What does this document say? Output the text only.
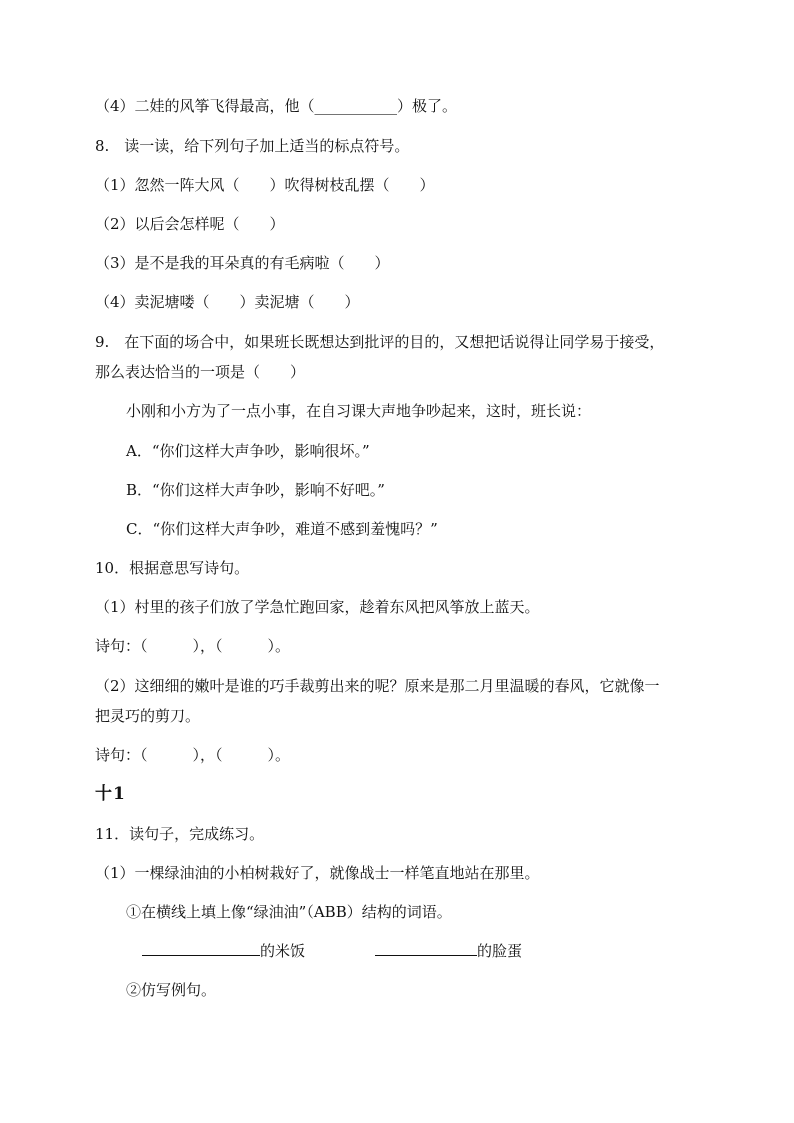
（4）二娃的风筝飞得最高，他（___________）极了。
8.　读一读，给下列句子加上适当的标点符号。
（1）忽然一阵大风（　　）吹得树枝乱摆（　　）
（2）以后会怎样呢（　　）
（3）是不是我的耳朵真的有毛病啦（　　）
（4）卖泥塘喽（　　）卖泥塘（　　）
9.　在下面的场合中，如果班长既想达到批评的目的，又想把话说得让同学易于接受，
那么表达恰当的一项是（　　）
小刚和小方为了一点小事，在自习课大声地争吵起来，这时，班长说：
A．“你们这样大声争吵，影响很坏。”
B．“你们这样大声争吵，影响不好吧。”
C．“你们这样大声争吵，难道不感到羞愧吗？”
10．根据意思写诗句。
（1）村里的孩子们放了学急忙跑回家，趁着东风把风筝放上蓝天。
诗句：（　　　），（　　　）。
（2）这细细的嫩叶是谁的巧手裁剪出来的呢？原来是那二月里温暖的春风，它就像一
把灵巧的剪刀。
诗句：（　　　），（　　　）。
十1
11．读句子，完成练习。
（1）一棵绿油油的小柏树栽好了，就像战士一样笔直地站在那里。
①在横线上填上像“绿油油”（ABB）结构的词语。
的米饭	的脸蛋
②仿写例句。
